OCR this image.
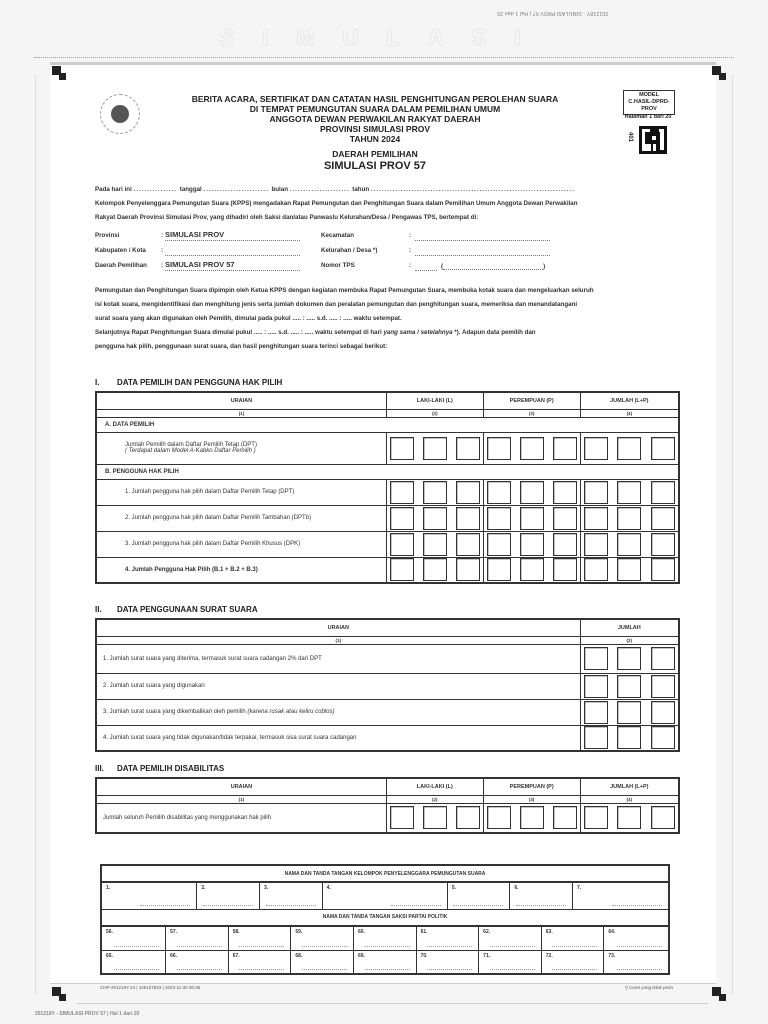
201218Y - SIMULASI PROV 57 | Hal 1 dari 20
SIMULASI
BERITA ACARA, SERTIFIKAT DAN CATATAN HASIL PENGHITUNGAN PEROLEHAN SUARA
DI TEMPAT PEMUNGUTAN SUARA DALAM PEMILIHAN UMUM
ANGGOTA DEWAN PERWAKILAN RAKYAT DAERAH
PROVINSI SIMULASI PROV
TAHUN 2024
DAERAH PEMILIHAN
SIMULASI PROV 57
MODEL
C.HASIL-DPRD-
PROV
Halaman 1 dari 20
401
Pada hari ini ................ tanggal ........................ bulan ...................... tahun ...........................................................................
Kelompok Penyelenggara Pemungutan Suara (KPPS) mengadakan Rapat Pemungutan dan Penghitungan Suara dalam Pemilihan Umum Anggota Dewan Perwakilan
Rakyat Daerah Provinsi Simulasi Prov, yang dihadiri oleh Saksi dan/atau Panwaslu Kelurahan/Desa / Pengawas TPS, bertempat di:
Provinsi	: SIMULASI PROV	Kecamatan	:
Kabupaten / Kota :	Kelurahan / Desa *)	:
Daerah Pemilihan : SIMULASI PROV 57	Nomor TPS	:	(	)
Pemungutan dan Penghitungan Suara dipimpin oleh Ketua KPPS dengan kegiatan membuka Rapat Pemungutan Suara, membuka kotak suara dan mengeluarkan seluruh
isi kotak suara, mengidentifikasi dan menghitung jenis serta jumlah dokumen dan peralatan pemungutan dan penghitungan suara, memeriksa dan menandatangani
surat suara yang akan digunakan oleh Pemilih, dimulai pada pukul ..... : ..... s.d. ..... : ..... waktu setempat.
Selanjutnya Rapat Penghitungan Suara dimulai pukul ..... : ..... s.d. ..... : ..... waktu setempat di hari yang sama / setelahnya *). Adapun data pemilih dan
pengguna hak pilih, penggunaan surat suara, dan hasil penghitungan suara terinci sebagai berikut:
I. DATA PEMILIH DAN PENGGUNA HAK PILIH
URAIAN	LAKI-LAKI (L)	PEREMPUAN (P)	JUMLAH (L+P)
(1)	(2)	(3)	(4)
A. DATA PEMILIH			

Jumlah Pemilih dalam Daftar Pemilih Tetap (DPT)
( Terdapat dalam Model A-Kabko Daftar Pemilih )			

B. PENGGUNA HAK PILIH			
1. Jumlah pengguna hak pilih dalam Daftar Pemilih Tetap (DPT)	

2. Jumlah pengguna hak pilih dalam Daftar Pemilih Tambahan (DPTb)	

3. Jumlah pengguna hak pilih dalam Daftar Pemilih Khusus (DPK)	

4. Jumlah Pengguna Hak Pilih (B.1 + B.2 + B.3)	

II. DATA PENGGUNAAN SURAT SUARA
URAIAN	JUMLAH
(1)	(2)
1. Jumlah surat suara yang diterima, termasuk surat suara cadangan 2% dari DPT	

2. Jumlah surat suara yang digunakan	

3. Jumlah surat suara yang dikembalikan oleh pemilih (karena rusak atau keliru coblos)	

4. Jumlah surat suara yang tidak digunakan/tidak terpakai, termasuk sisa surat suara cadangan	
III. DATA PEMILIH DISABILITAS
URAIAN	LAKI-LAKI (L)	PEREMPUAN (P)	JUMLAH (L+P)
(1)	(2)	(3)	(4)
Jumlah seluruh Pemilih disabilitas yang menggunakan hak pilih	

NAMA DAN TANDA TANGAN KELOMPOK PENYELENGGARA PEMUNGUTAN SUARA														
1.		2.		3.		4.			5.		6.		7.	

NAMA DAN TANDA TANGAN SAKSI PARTAI POLITIK														
56.	57.		58.		59.		60.	61.		62.		63.		64.

65.	66.		67.		68.		69.	70.		71.		72.		73.
CHP-201218Y-24 | 425127923 | 2023-11-30 06:36	*) Coret yang tidak perlu
201218Y - SIMULASI PROV 57 | Hal 1 dari 20
